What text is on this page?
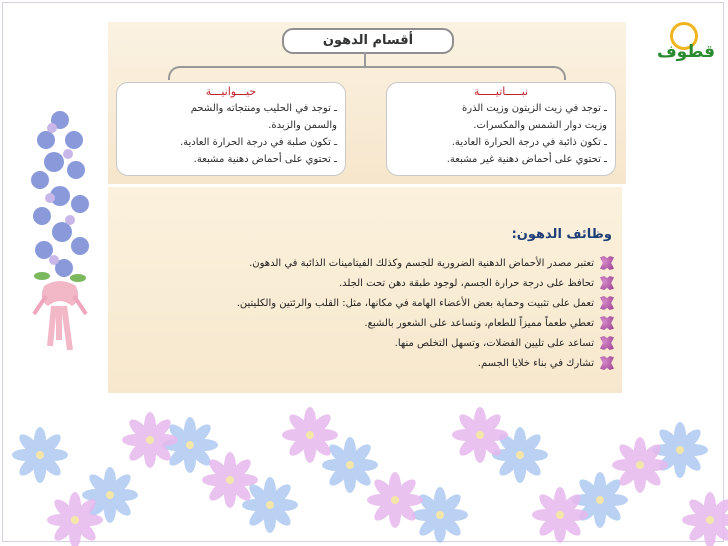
قطوف
أقسام الدهون
نبـــــاتيـــــة
ـ توجد في زيت الزيتون وزيت الذرة
وزيت دوار الشمس والمكسرات.
ـ تكون ذائبة في درجة الحرارة العادية.
ـ تحتوي على أحماض دهنية غير مشبعة.
حيـــوانيـــة
ـ توجد في الحليب ومنتجاته والشحم
والسمن والزبدة.
ـ تكون صلبة في درجة الحرارة العادية.
ـ تحتوي على أحماض دهنية مشبعة.
وظائف الدهون:
تعتبر مصدر الأحماض الدهنية الضرورية للجسم وكذلك الفيتامينات الذائبة في الدهون.
تحافظ على درجة حرارة الجسم، لوجود طبقة دهن تحت الجلد.
تعمل على تثبيت وحماية بعض الأعضاء الهامة في مكانها، مثل: القلب والرئتين والكليتين.
تعطي طعماً مميزاً للطعام، وتساعد على الشعور بالشبع.
تساعد على تليين الفضلات، وتسهل التخلص منها.
تشارك في بناء خلايا الجسم.
